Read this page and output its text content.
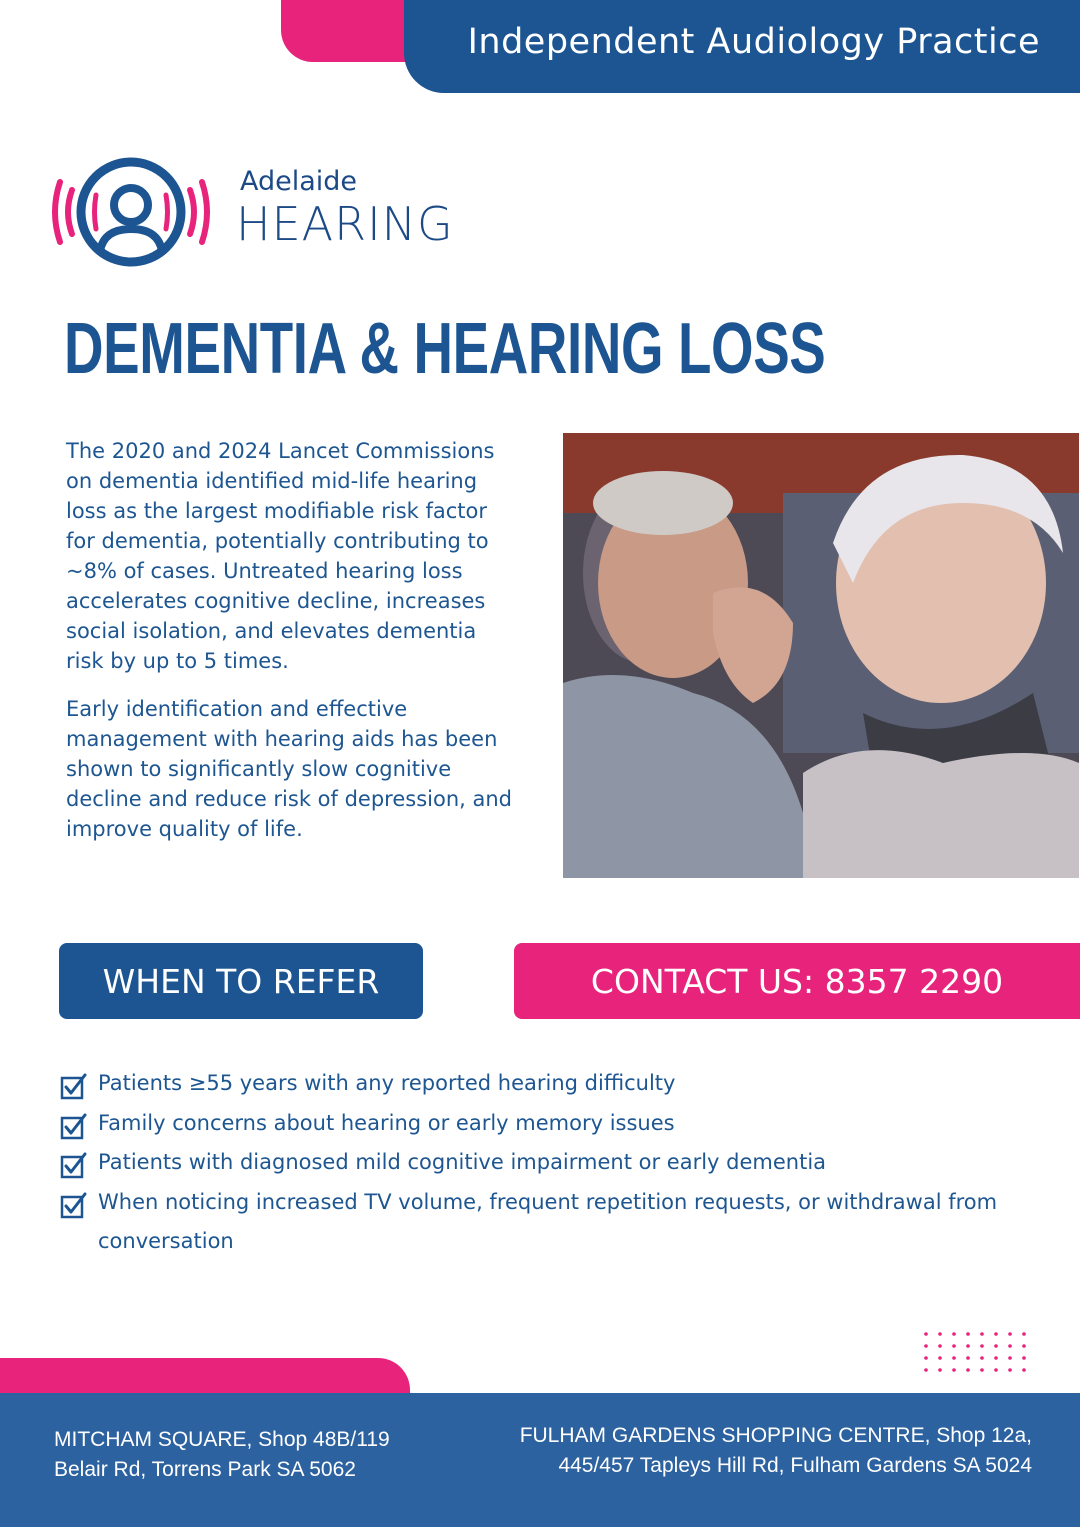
Independent Audiology Practice
Adelaide
HEARING
DEMENTIA & HEARING LOSS

The 2020 and 2024 Lancet Commissions on dementia identified mid-life hearing loss as the largest modifiable risk factor for dementia, potentially contributing to ~8% of cases. Untreated hearing loss accelerates cognitive decline, increases social isolation, and elevates dementia risk by up to 5 times.

Early identification and effective management with hearing aids has been shown to significantly slow cognitive decline and reduce risk of depression, and improve quality of life.

WHEN TO REFER	CONTACT US: 8357 2290
Patients ≥55 years with any reported hearing difficulty
Family concerns about hearing or early memory issues
Patients with diagnosed mild cognitive impairment or early dementia
When noticing increased TV volume, frequent repetition requests, or withdrawal from conversation
MITCHAM SQUARE, Shop 48B/119
Belair Rd, Torrens Park SA 5062
FULHAM GARDENS SHOPPING CENTRE, Shop 12a,
445/457 Tapleys Hill Rd, Fulham Gardens SA 5024
